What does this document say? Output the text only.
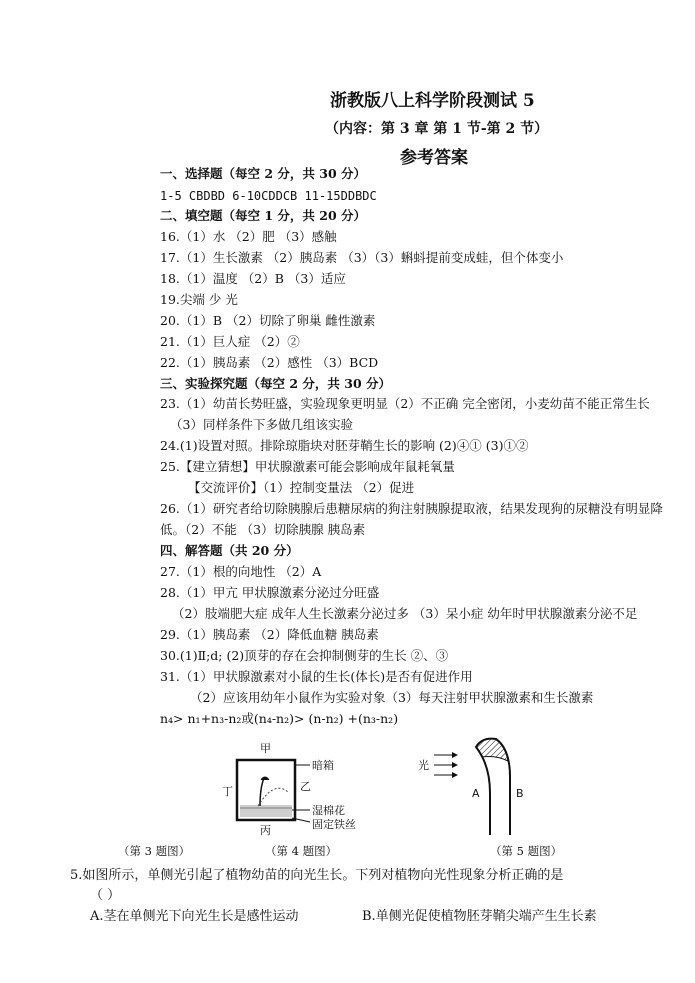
浙教版八上科学阶段测试 5
（内容：第 3 章 第 1 节-第 2 节）
参考答案
一、选择题（每空 2 分，共 30 分）
1-5 CBDBD 6-10CDDCB 11-15DDBDC
二、填空题（每空 1 分，共 20 分）
16.（1）水 （2）肥 （3）感触
17.（1）生长激素 （2）胰岛素 （3）（3）蝌蚪提前变成蛙，但个体变小
18.（1）温度 （2）B （3）适应
19.尖端 少 光
20.（1）B （2）切除了卵巢 雌性激素
21.（1）巨人症 （2）②
22.（1）胰岛素 （2）感性 （3）BCD
三、实验探究题（每空 2 分，共 30 分）
23.（1）幼苗长势旺盛，实验现象更明显（2）不正确 完全密闭，小麦幼苗不能正常生长
（3）同样条件下多做几组该实验
24.(1)设置对照。排除琼脂块对胚芽鞘生长的影响 (2)④① (3)①②
25.【建立猜想】甲状腺激素可能会影响成年鼠耗氧量
【交流评价】（1）控制变量法 （2）促进
26.（1）研究者给切除胰腺后患糖尿病的狗注射胰腺提取液，结果发现狗的尿糖没有明显降
低。（2）不能 （3）切除胰腺 胰岛素
四、解答题（共 20 分）
27.（1）根的向地性 （2）A
28.（1）甲亢 甲状腺激素分泌过分旺盛
（2）肢端肥大症 成年人生长激素分泌过多 （3）呆小症 幼年时甲状腺激素分泌不足
29.（1）胰岛素 （2）降低血糖 胰岛素
30.(1)Ⅱ;d; (2)顶芽的存在会抑制侧芽的生长 ②、③
31.（1）甲状腺激素对小鼠的生长(体长)是否有促进作用
（2）应该用幼年小鼠作为实验对象（3）每天注射甲状腺激素和生长激素
n₄> n₁+n₃-n₂或(n₄-n₂)> (n-n₂) +(n₃-n₂)
甲
丁	乙
丙
暗箱
湿棉花
固定铁丝
光
A	B
（第 3 题图）	（第 4 题图）	（第 5 题图）
5.如图所示，单侧光引起了植物幼苗的向光生长。下列对植物向光性现象分析正确的是
（ ）
A.茎在单侧光下向光生长是感性运动	B.单侧光促使植物胚芽鞘尖端产生生长素
